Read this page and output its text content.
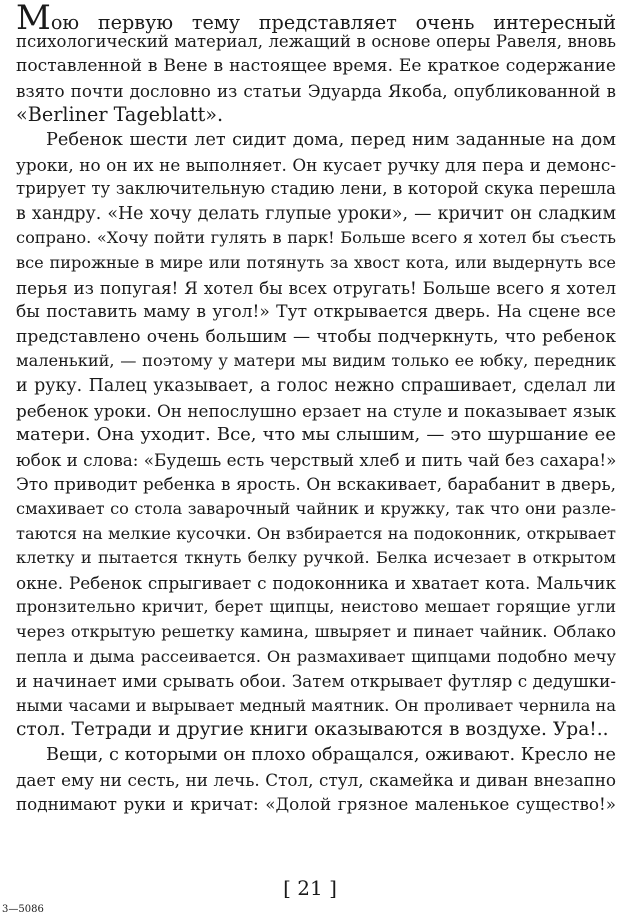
Мою первую тему представляет очень интересный
психологический материал, лежащий в основе оперы Равеля, вновь
поставленной в Вене в настоящее время. Ее краткое содержание
взято почти дословно из статьи Эдуарда Якоба, опубликованной в
«Berliner Tageblatt».
Ребенок шести лет сидит дома, перед ним заданные на дом
уроки, но он их не выполняет. Он кусает ручку для пера и демонс-
трирует ту заключительную стадию лени, в которой скука перешла
в хандру. «Не хочу делать глупые уроки», — кричит он сладким
сопрано. «Хочу пойти гулять в парк! Больше всего я хотел бы съесть
все пирожные в мире или потянуть за хвост кота, или выдернуть все
перья из попугая! Я хотел бы всех отругать! Больше всего я хотел
бы поставить маму в угол!» Тут открывается дверь. На сцене все
представлено очень большим — чтобы подчеркнуть, что ребенок
маленький, — поэтому у матери мы видим только ее юбку, передник
и руку. Палец указывает, а голос нежно спрашивает, сделал ли
ребенок уроки. Он непослушно ерзает на стуле и показывает язык
матери. Она уходит. Все, что мы слышим, — это шуршание ее
юбок и слова: «Будешь есть черствый хлеб и пить чай без сахара!»
Это приводит ребенка в ярость. Он вскакивает, барабанит в дверь,
смахивает со стола заварочный чайник и кружку, так что они разле-
таются на мелкие кусочки. Он взбирается на подоконник, открывает
клетку и пытается ткнуть белку ручкой. Белка исчезает в открытом
окне. Ребенок спрыгивает с подоконника и хватает кота. Мальчик
пронзительно кричит, берет щипцы, неистово мешает горящие угли
через открытую решетку камина, швыряет и пинает чайник. Облако
пепла и дыма рассеивается. Он размахивает щипцами подобно мечу
и начинает ими срывать обои. Затем открывает футляр с дедушки-
ными часами и вырывает медный маятник. Он проливает чернила на
стол. Тетради и другие книги оказываются в воздухе. Ура!..
Вещи, с которыми он плохо обращался, оживают. Кресло не
дает ему ни сесть, ни лечь. Стол, стул, скамейка и диван внезапно
поднимают руки и кричат: «Долой грязное маленькое существо!»
[ 21 ]
3—5086
